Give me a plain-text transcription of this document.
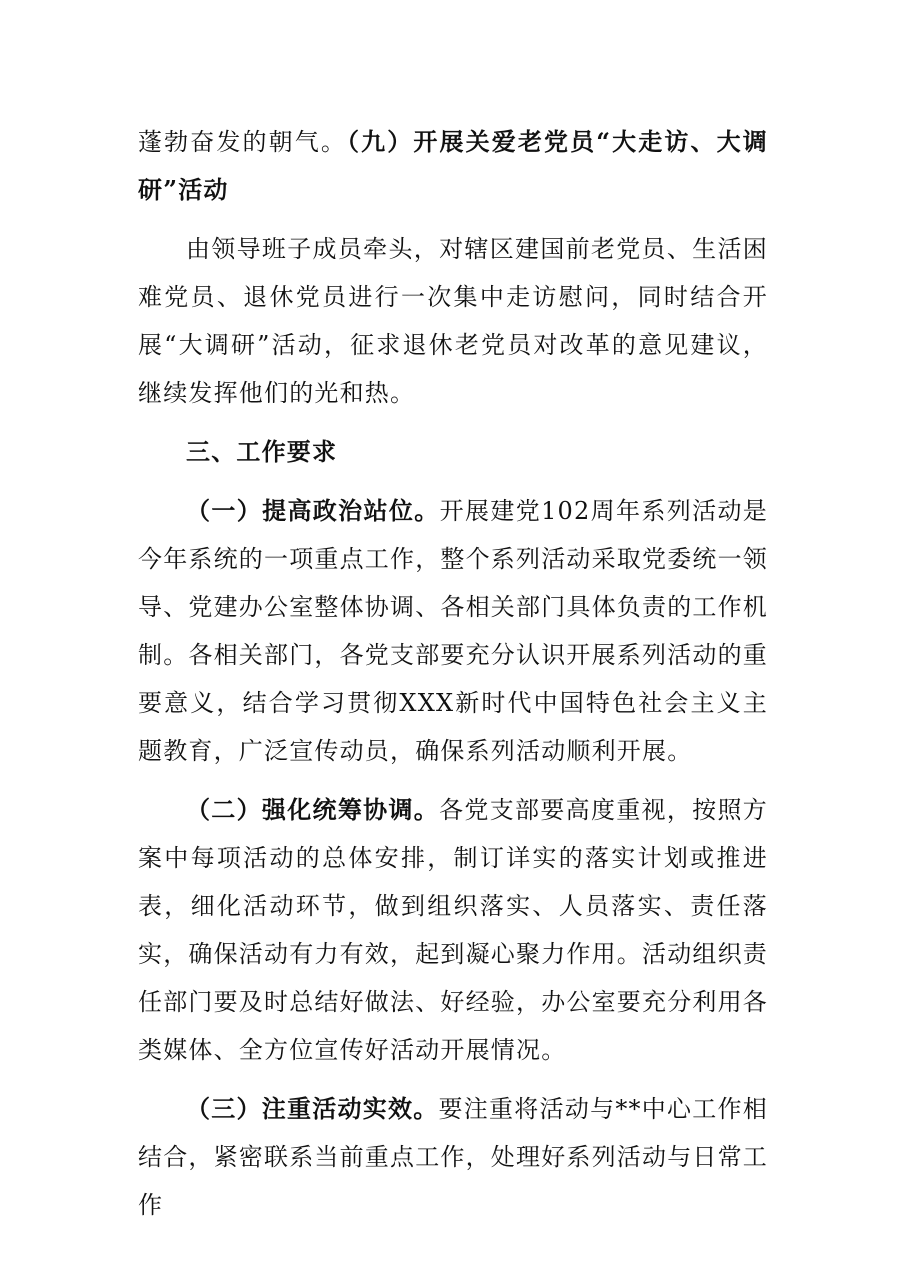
蓬勃奋发的朝气。（九）开展关爱老党员“大走访、大调研”活动

由领导班子成员牵头，对辖区建国前老党员、生活困难党员、退休党员进行一次集中走访慰问，同时结合开展“大调研”活动，征求退休老党员对改革的意见建议，继续发挥他们的光和热。

三、工作要求

（一）提高政治站位。开展建党102周年系列活动是今年系统的一项重点工作，整个系列活动采取党委统一领导、党建办公室整体协调、各相关部门具体负责的工作机制。各相关部门，各党支部要充分认识开展系列活动的重要意义，结合学习贯彻XXX新时代中国特色社会主义主题教育，广泛宣传动员，确保系列活动顺利开展。

（二）强化统筹协调。各党支部要高度重视，按照方案中每项活动的总体安排，制订详实的落实计划或推进表，细化活动环节，做到组织落实、人员落实、责任落实，确保活动有力有效，起到凝心聚力作用。活动组织责任部门要及时总结好做法、好经验，办公室要充分利用各类媒体、全方位宣传好活动开展情况。

（三）注重活动实效。要注重将活动与**中心工作相结合，紧密联系当前重点工作，处理好系列活动与日常工作
